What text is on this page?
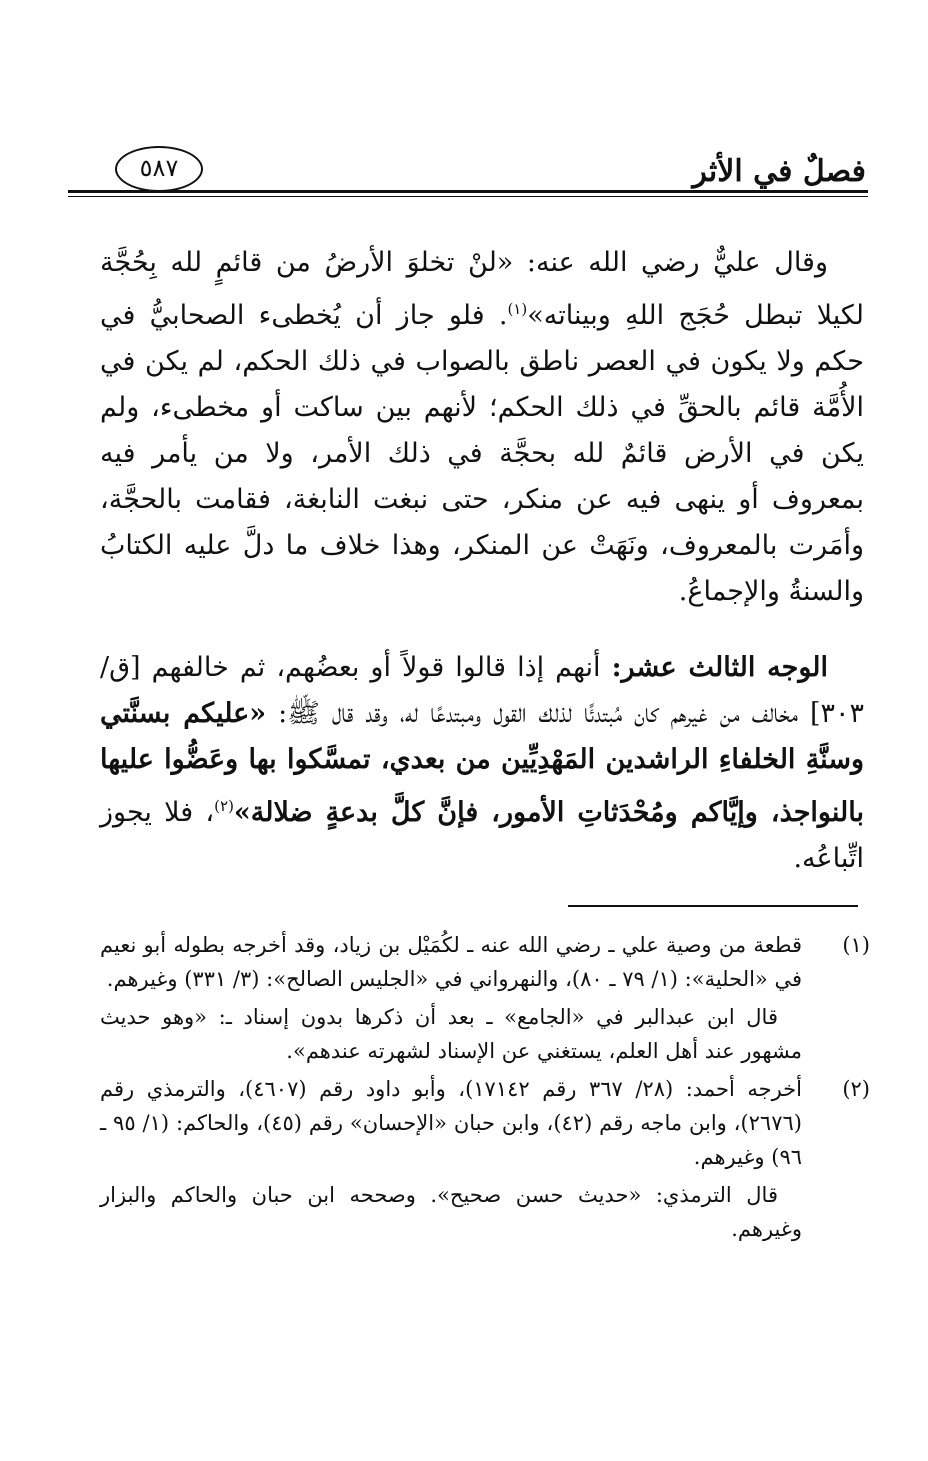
فصلٌ في الأثر
٥٨٧

وقال عليٌّ رضي الله عنه: «لنْ تخلوَ الأرضُ من قائمٍ لله بِحُجَّة لكيلا تبطل حُجَج اللهِ وبيناته»$^{(١)}$. فلو جاز أن يُخطىء الصحابيُّ في حكم ولا يكون في العصر ناطق بالصواب في ذلك الحكم، لم يكن في الأُمَّة قائم بالحقِّ في ذلك الحكم؛ لأنهم بين ساكت أو مخطىء، ولم يكن في الأرض قائمٌ لله بحجَّة في ذلك الأمر، ولا من يأمر فيه بمعروف أو ينهى فيه عن منكر، حتى نبغت النابغة، فقامت بالحجَّة، وأمَرت بالمعروف، ونَهَتْ عن المنكر، وهذا خلاف ما دلَّ عليه الكتابُ والسنةُ والإجماعُ.

الوجه الثالث عشر: أنهم إذا قالوا قولاً أو بعضُهم، ثم خالفهم [ق/٣٠٣] مخالف من غيرهم كان مُبتدئًا لذلك القول ومبتدعًا له، وقد قال ﷺ: «عليكم بسنَّتي وسنَّةِ الخلفاءِ الراشدين المَهْدِيِّين من بعدي، تمسَّكوا بها وعَضُّوا عليها بالنواجذ، وإيَّاكم ومُحْدَثاتِ الأمور، فإنَّ كلَّ بدعةٍ ضلالة»$^{(٢)}$، فلا يجوز اتِّباعُه.

(١)
قطعة من وصية علي ـ رضي الله عنه ـ لكُمَيْل بن زياد، وقد أخرجه بطوله أبو نعيم في «الحلية»: (١/ ٧٩ ـ ٨٠)، والنهرواني في «الجليس الصالح»: (٣/ ٣٣١) وغيرهم.
قال ابن عبدالبر في «الجامع» ـ بعد أن ذكرها بدون إسناد ـ: «وهو حديث مشهور عند أهل العلم، يستغني عن الإسناد لشهرته عندهم».
(٢)
أخرجه أحمد: (٢٨/ ٣٦٧ رقم ١٧١٤٢)، وأبو داود رقم (٤٦٠٧)، والترمذي رقم (٢٦٧٦)، وابن ماجه رقم (٤٢)، وابن حبان «الإحسان» رقم (٤٥)، والحاكم: (١/ ٩٥ ـ ٩٦) وغيرهم.
قال الترمذي: «حديث حسن صحيح». وصححه ابن حبان والحاكم والبزار وغيرهم.
